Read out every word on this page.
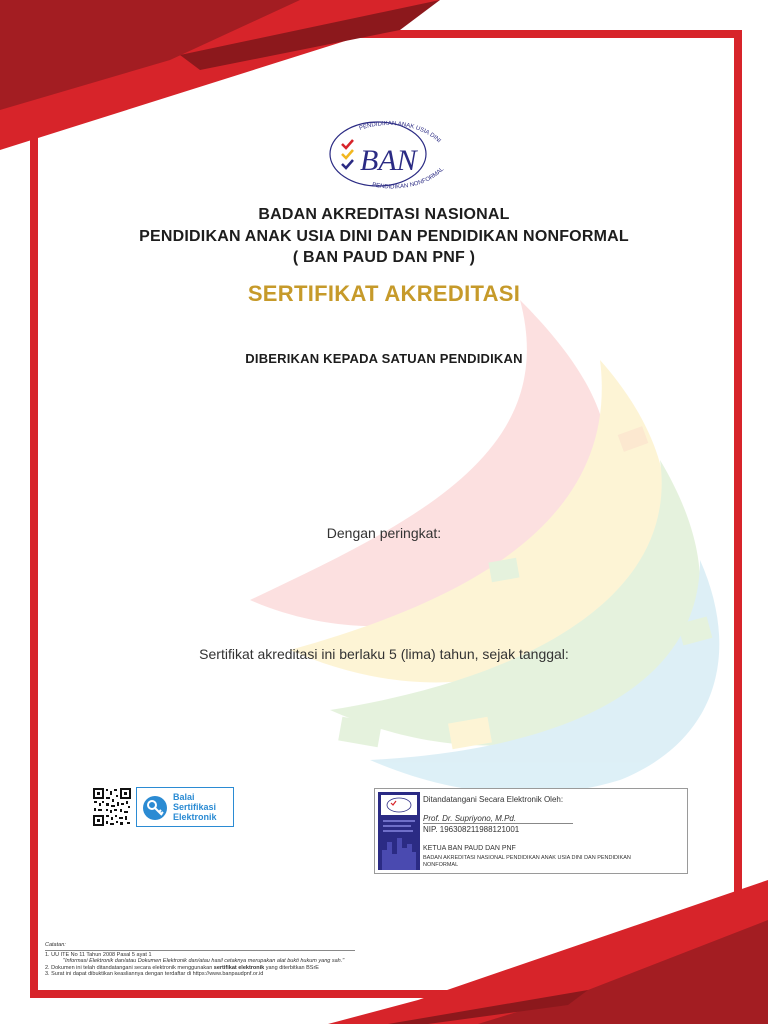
BAN
PENDIDIKAN ANAK USIA DINI
PENDIDIKAN NONFORMAL
BADAN AKREDITASI NASIONAL
PENDIDIKAN ANAK USIA DINI DAN PENDIDIKAN NONFORMAL
( BAN PAUD DAN PNF )
SERTIFIKAT AKREDITASI
DIBERIKAN KEPADA SATUAN PENDIDIKAN
Dengan peringkat:
Sertifikat akreditasi ini berlaku 5 (lima) tahun, sejak tanggal:
Balai
Sertifikasi
Elektronik
Ditandatangani Secara Elektronik Oleh:
Prof. Dr. Supriyono, M.Pd.
NIP. 196308211988121001
KETUA BAN PAUD DAN PNF
BADAN AKREDITASI NASIONAL PENDIDIKAN ANAK USIA DINI DAN PENDIDIKAN
NONFORMAL
Catatan:

1. UU ITE No 11 Tahun 2008 Pasal 5 ayat 1

"Informasi Elektronik dan/atau Dokumen Elektronik dan/atau hasil cetaknya merupakan alat bukti hukum yang sah."

2. Dokumen ini telah ditandatangani secara elektronik menggunakan sertifikat elektronik yang diterbitkan BSrE

3. Surat ini dapat dibuktikan keasliannya dengan terdaftar di https://www.banpaudpnf.or.id
